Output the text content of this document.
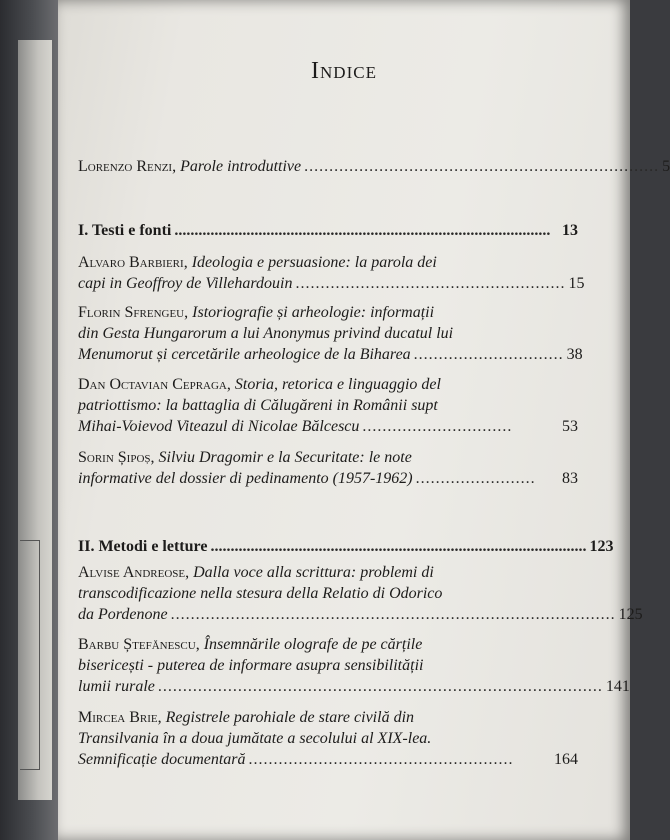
Indice
Lorenzo Renzi, Parole introduttive ....................................................................... 5
I. Testi e fonti .............................................................................................. 13
Alvaro Barbieri, Ideologia e persuasione: la parola dei
capi in Geoffroy de Villehardouin ...................................................... 15
Florin Sfrengeu, Istoriografie și arheologie: informații
din Gesta Hungarorum a lui Anonymus privind ducatul lui
Menumorut și cercetările arheologice de la Biharea .............................. 38
Dan Octavian Cepraga, Storia, retorica e linguaggio del
patriottismo: la battaglia di Călugăreni in Românii supt
Mihai-Voievod Viteazul di Nicolae Bălcescu ..............................	53
Sorin Șipoș, Silviu Dragomir e la Securitate: le note
informative del dossier di pedinamento (1957-1962) ........................	83
II. Metodi e letture .............................................................................................. 123
Alvise Andreose, Dalla voce alla scrittura: problemi di
transcodificazione nella stesura della Relatio di Odorico
da Pordenone ......................................................................................... 125
Barbu Ștefănescu, Însemnările olografe de pe cărțile
bisericești - puterea de informare asupra sensibilității
lumii rurale ......................................................................................... 141
Mircea Brie, Registrele parohiale de stare civilă din
Transilvania în a doua jumătate a secolului al XIX-lea.
Semnificație documentară .....................................................	164
